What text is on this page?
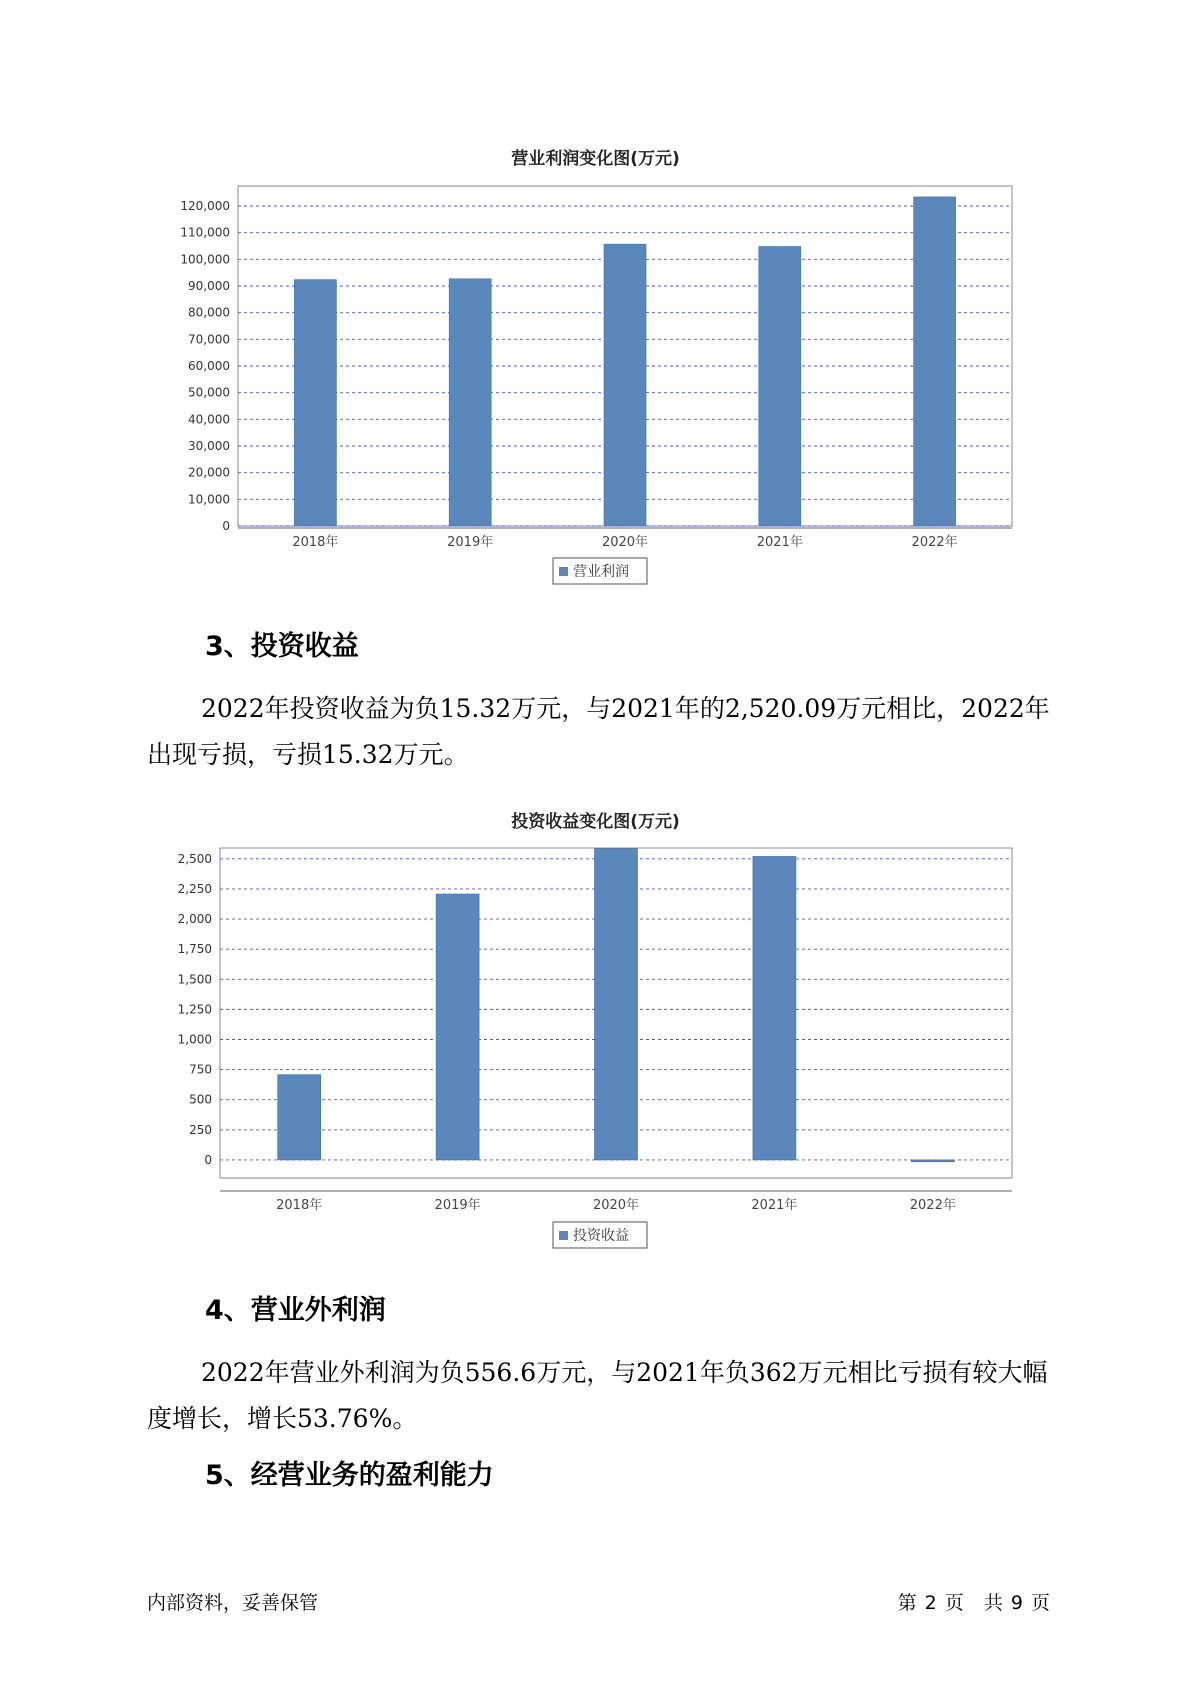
营业利润变化图(万元)
0
10,000
20,000
30,000
40,000
50,000
60,000
70,000
80,000
90,000
100,000
110,000
120,000
2018年	2019年	2020年	2021年	2022年
营业利润
3、投资收益

2022年投资收益为负15.32万元，与2021年的2,520.09万元相比，2022年出现亏损，亏损15.32万元。

投资收益变化图(万元)
0
250
500
750
1,000
1,250
1,500
1,750
2,000
2,250
2,500
2018年	2019年	2020年	2021年	2022年
投资收益
4、营业外利润

2022年营业外利润为负556.6万元，与2021年负362万元相比亏损有较大幅度增长，增长53.76%。

5、经营业务的盈利能力
内部资料，妥善保管	第 2 页 共 9 页
